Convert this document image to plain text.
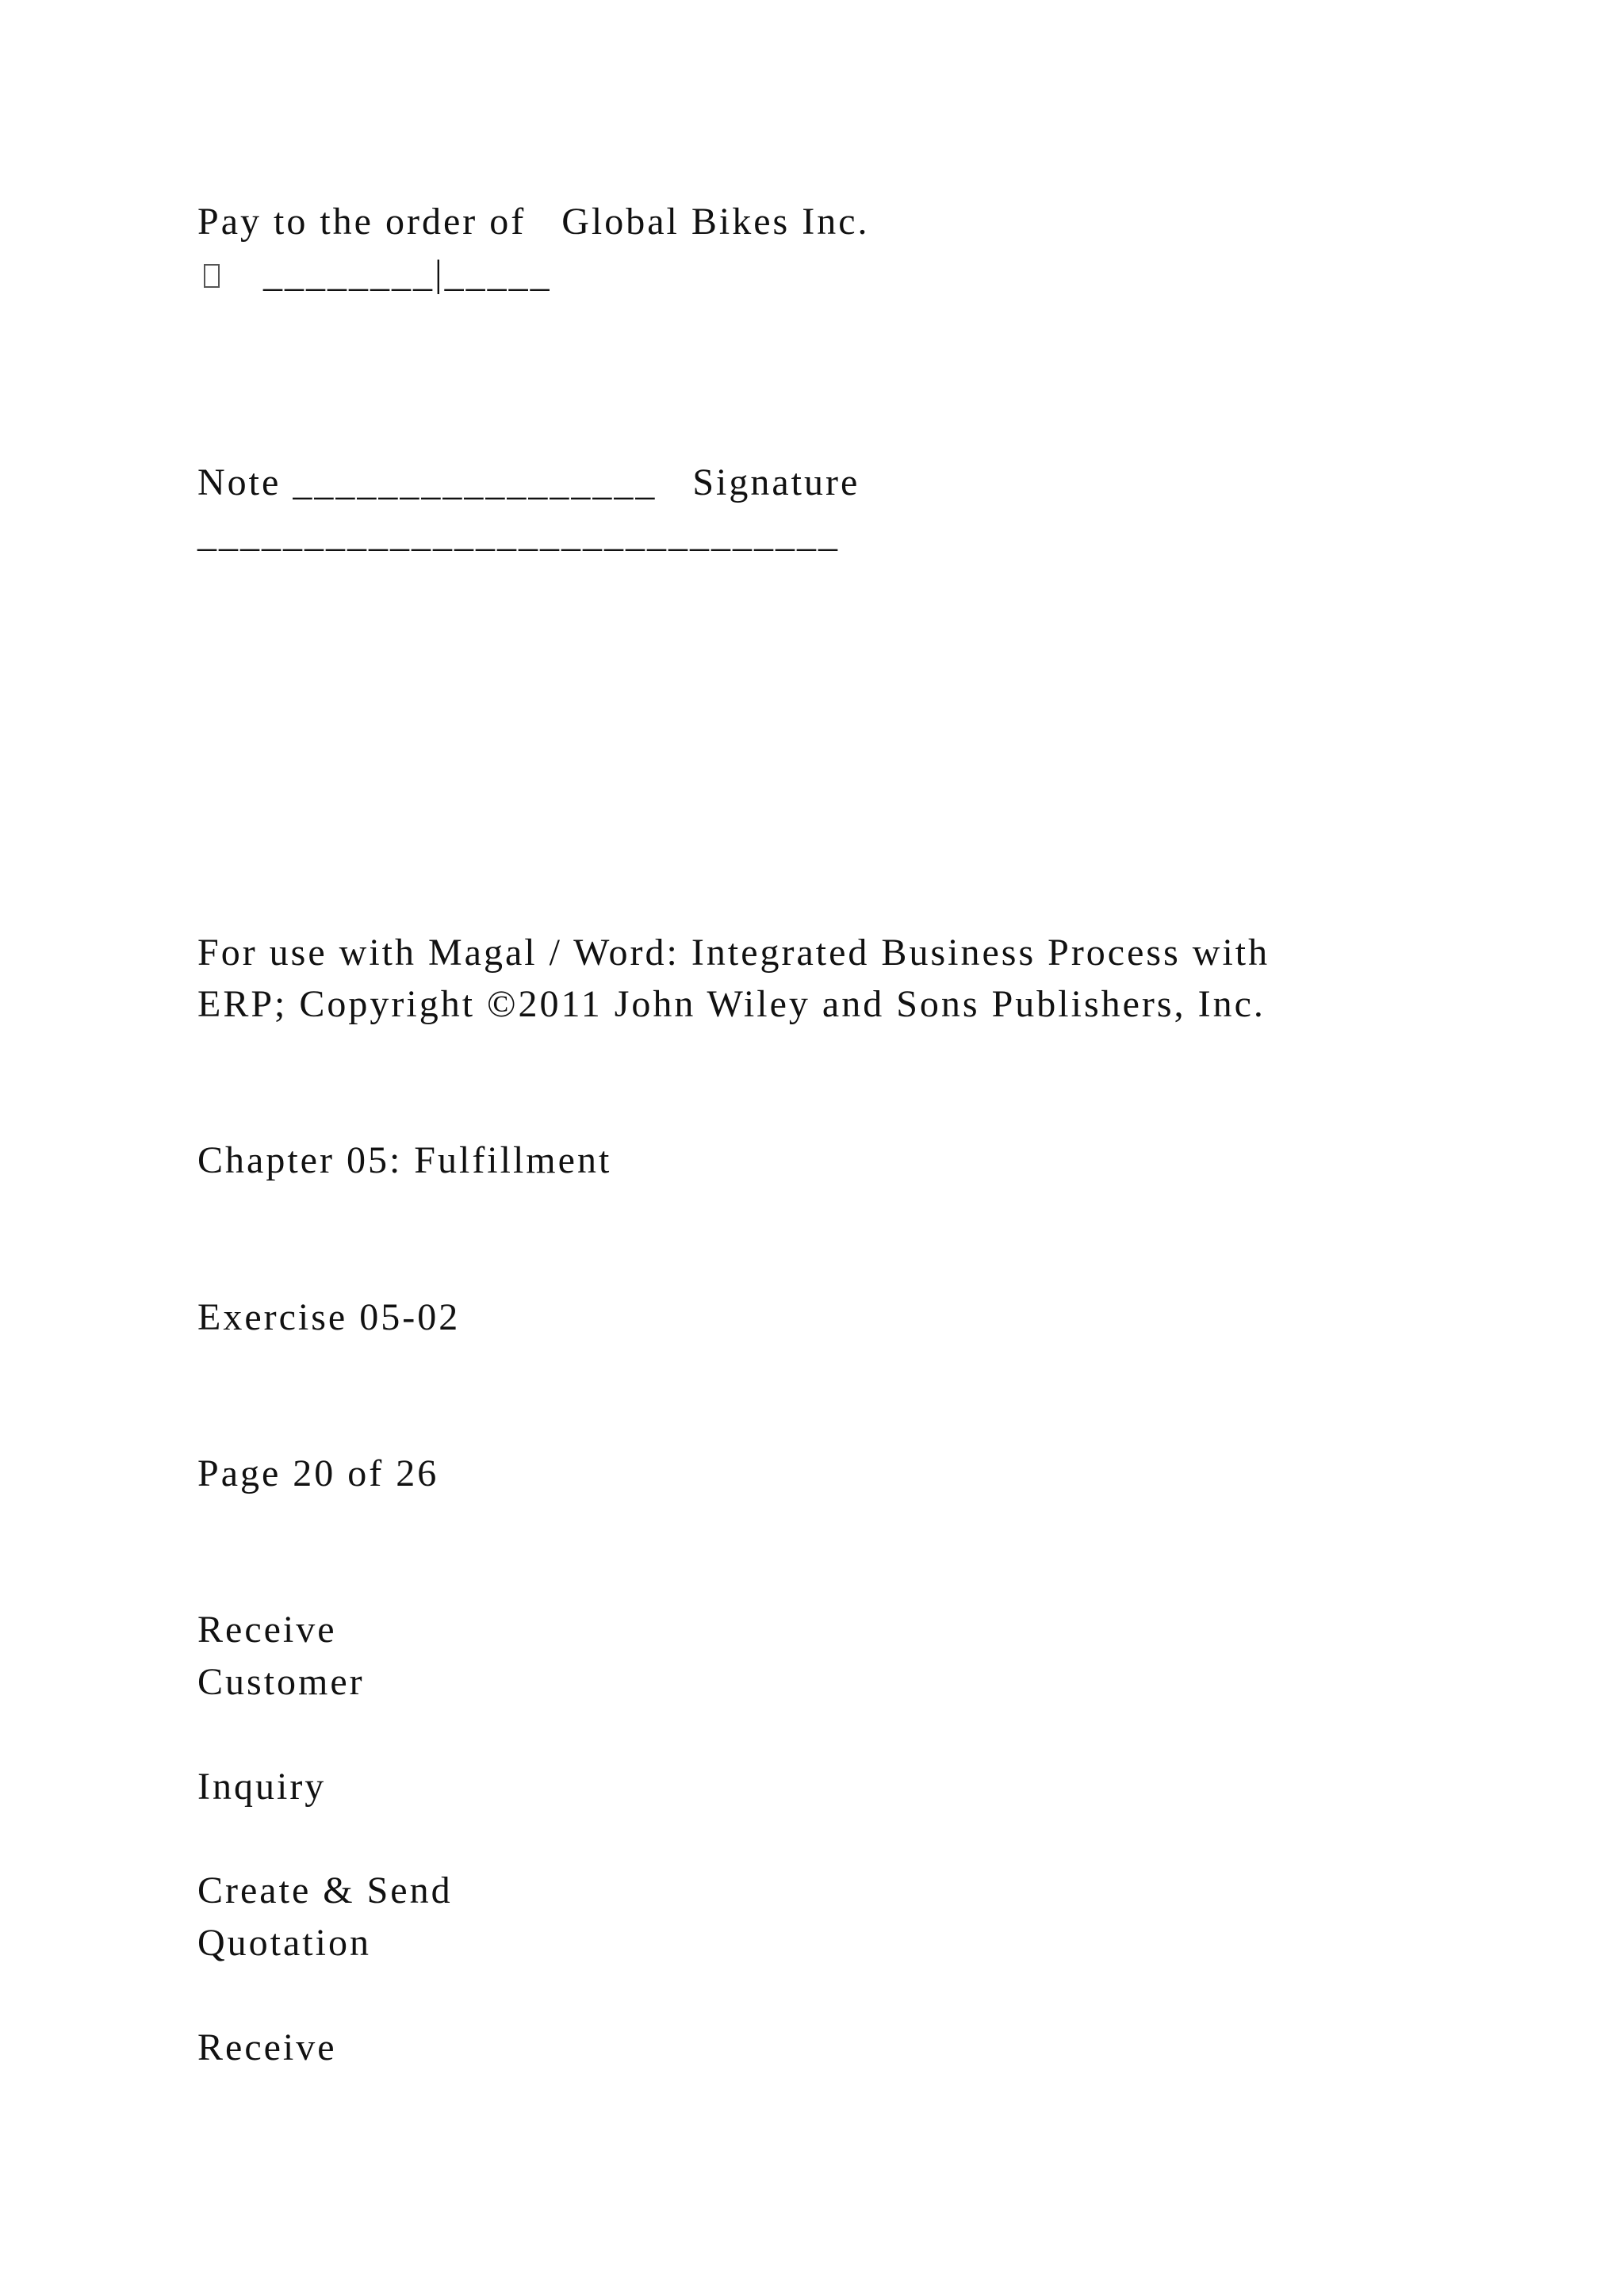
Pay to the order of Global Bikes Inc.

________|_____

Note _________________ Signature

______________________________

For use with Magal / Word: Integrated Business Process with

ERP; Copyright ©2011 John Wiley and Sons Publishers, Inc.

Chapter 05: Fulfillment

Exercise 05-02

Page 20 of 26

Receive

Customer

Inquiry

Create & Send

Quotation

Receive
